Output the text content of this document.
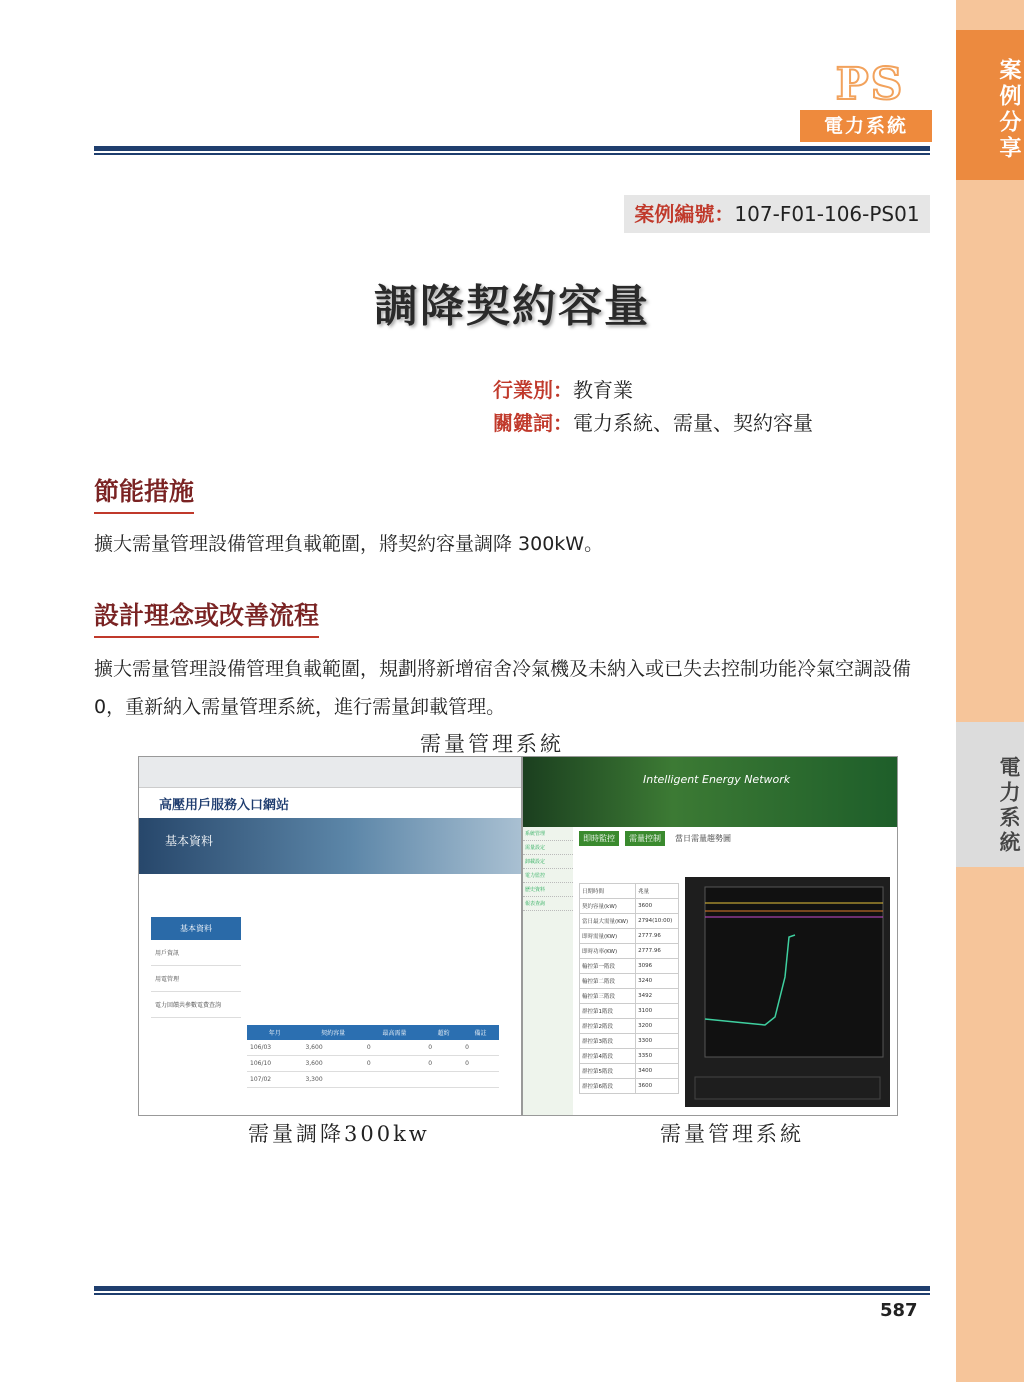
案例分享
電力系統
PS
電力系統
案例編號：107-F01-106-PS01
調降契約容量
行業別：教育業
關鍵詞：電力系統、需量、契約容量
節能措施
擴大需量管理設備管理負載範圍，將契約容量調降 300kW。
設計理念或改善流程
擴大需量管理設備管理負載範圍，規劃將新增宿舍冷氣機及未納入或已失去控制功能冷氣空調設備 0，重新納入需量管理系統，進行需量卸載管理。
需量管理系統
高壓用戶服務入口網站
基本資料
基本資料
用戶資訊
用電管理
電力回饋共參數電費查詢
年月	契約容量	最高需量	超約	備註
106/03	3,600	0	0	0
106/10	3,600	0	0	0
107/02	3,300			
Intelligent Energy Network
系統管理
需量設定
卸載設定
電力監控
歷史資料
報表查詢
即時監控	需量控制	當日需量趨勢圖
日期時間	兆量
契約容量(kW)	3600
當日最大需量(KW)	2794(10:00)
即時需量(KW)	2777.96
即時功率(KW)	2777.96
輸控第一階段	3096
輸控第二階段	3240
輸控第三階段	3492
群控第1階段	3100
群控第2階段	3200
群控第3階段	3300
群控第4階段	3350
群控第5階段	3400
群控第6階段	3600
需量調降300kw	需量管理系統
587
